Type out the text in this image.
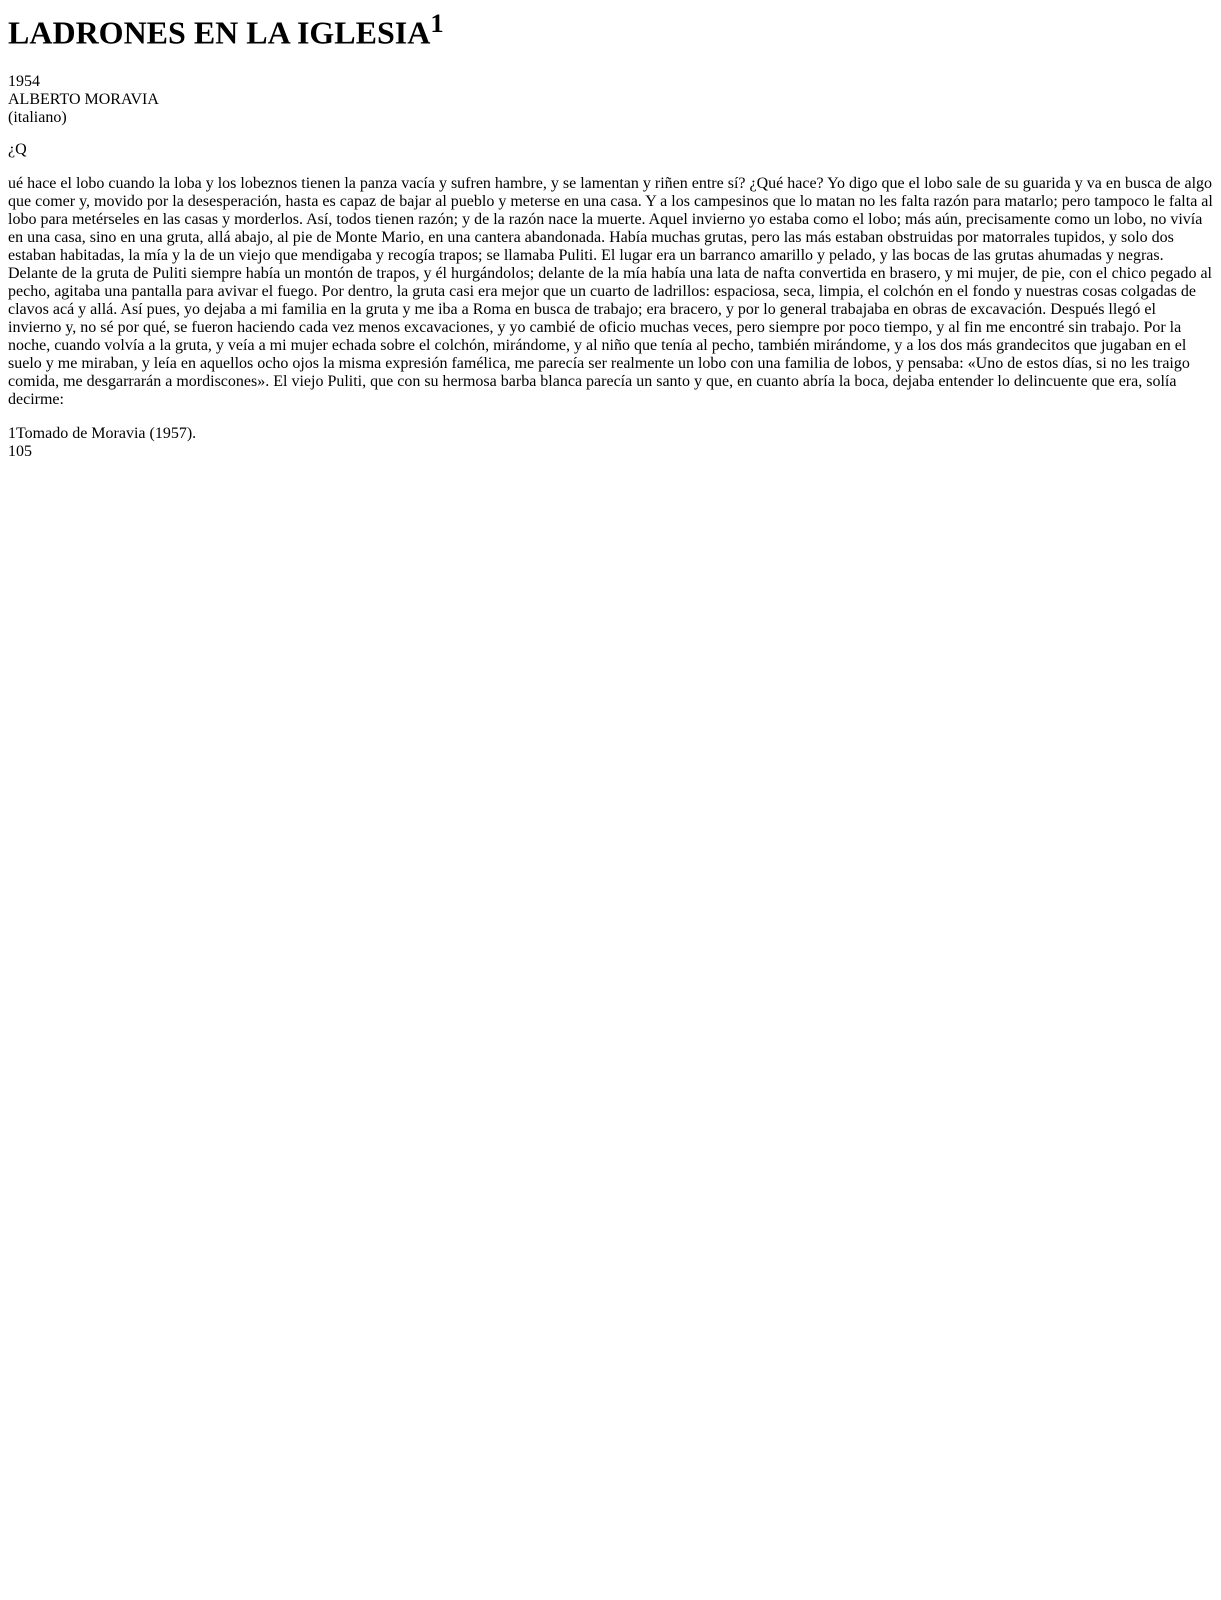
LADRONES EN LA IGLESIA$^1$
1954
ALBERTO MORAVIA
(italiano)
¿Q

ué hace el lobo cuando la loba y los lobeznos tienen la panza vacía y sufren hambre, y se lamentan y riñen entre sí? ¿Qué hace? Yo digo que el lobo sale de su guarida y va en busca de algo que comer y, movido por la desesperación, hasta es capaz de bajar al pueblo y meterse en una casa. Y a los campesinos que lo matan no les falta razón para matarlo; pero tampoco le falta al lobo para metérseles en las casas y morderlos. Así, todos tienen razón; y de la razón nace la muerte. Aquel invierno yo estaba como el lobo; más aún, precisamente como un lobo, no vivía en una casa, sino en una gruta, allá abajo, al pie de Monte Mario, en una cantera abandonada. Había muchas grutas, pero las más estaban obstruidas por matorrales tupidos, y solo dos estaban habitadas, la mía y la de un viejo que mendigaba y recogía trapos; se llamaba Puliti. El lugar era un barranco amarillo y pelado, y las bocas de las grutas ahumadas y negras. Delante de la gruta de Puliti siempre había un montón de trapos, y él hurgándolos; delante de la mía había una lata de nafta convertida en brasero, y mi mujer, de pie, con el chico pegado al pecho, agitaba una pantalla para avivar el fuego. Por dentro, la gruta casi era mejor que un cuarto de ladrillos: espaciosa, seca, limpia, el colchón en el fondo y nuestras cosas colgadas de clavos acá y allá. Así pues, yo dejaba a mi familia en la gruta y me iba a Roma en busca de trabajo; era bracero, y por lo general trabajaba en obras de excavación. Después llegó el invierno y, no sé por qué, se fueron haciendo cada vez menos excavaciones, y yo cambié de oficio muchas veces, pero siempre por poco tiempo, y al fin me encontré sin trabajo. Por la noche, cuando volvía a la gruta, y veía a mi mujer echada sobre el colchón, mirándome, y al niño que tenía al pecho, también mirándome, y a los dos más grandecitos que jugaban en el suelo y me miraban, y leía en aquellos ocho ojos la misma expresión famélica, me parecía ser realmente un lobo con una familia de lobos, y pensaba: «Uno de estos días, si no les traigo comida, me desgarrarán a mordiscones». El viejo Puliti, que con su hermosa barba blanca parecía un santo y que, en cuanto abría la boca, dejaba entender lo delincuente que era, solía decirme:

1Tomado de Moravia (1957).
105
